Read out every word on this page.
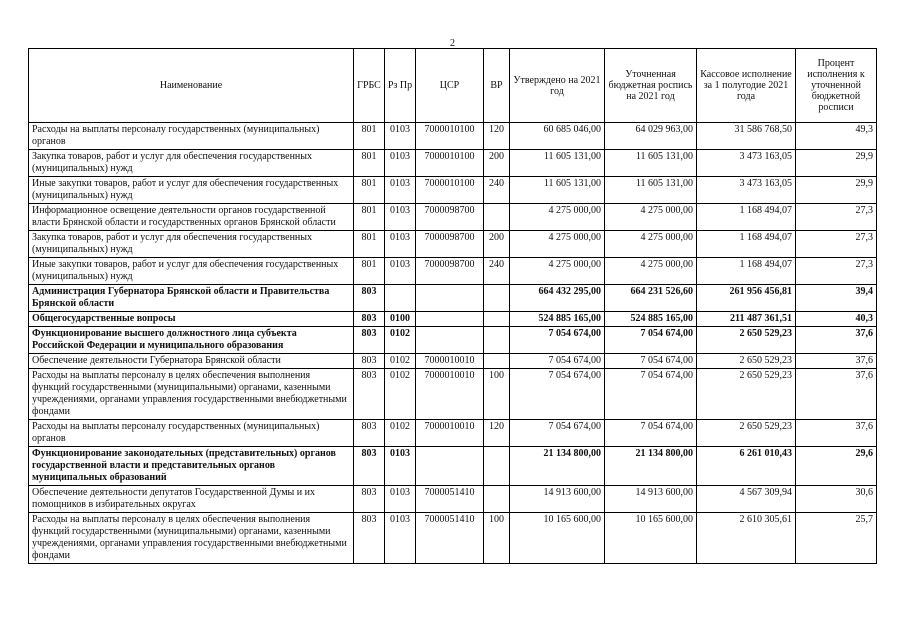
2
Наименование	ГРБС	Рз Пр	ЦСР	ВР	Утверждено на 2021 год	Уточненная бюджетная роспись на 2021 год	Кассовое исполнение за 1 полугодие 2021 года	Процент исполнения к уточненной бюджетной росписи
Расходы на выплаты персоналу государственных (муниципальных) органов	801	0103	7000010100	120	60 685 046,00	64 029 963,00	31 586 768,50	49,3
Закупка товаров, работ и услуг для обеспечения государственных (муниципальных) нужд	801	0103	7000010100	200	11 605 131,00	11 605 131,00	3 473 163,05	29,9
Иные закупки товаров, работ и услуг для обеспечения государственных (муниципальных) нужд	801	0103	7000010100	240	11 605 131,00	11 605 131,00	3 473 163,05	29,9
Информационное освещение деятельности органов государственной власти Брянской области и государственных органов Брянской области	801	0103	7000098700		4 275 000,00	4 275 000,00	1 168 494,07	27,3
Закупка товаров, работ и услуг для обеспечения государственных (муниципальных) нужд	801	0103	7000098700	200	4 275 000,00	4 275 000,00	1 168 494,07	27,3
Иные закупки товаров, работ и услуг для обеспечения государственных (муниципальных) нужд	801	0103	7000098700	240	4 275 000,00	4 275 000,00	1 168 494,07	27,3
Администрация Губернатора Брянской области и Правительства Брянской области	803				664 432 295,00	664 231 526,60	261 956 456,81	39,4
Общегосударственные вопросы	803	0100			524 885 165,00	524 885 165,00	211 487 361,51	40,3
Функционирование высшего должностного лица субъекта Российской Федерации и муниципального образования	803	0102			7 054 674,00	7 054 674,00	2 650 529,23	37,6
Обеспечение деятельности Губернатора Брянской области	803	0102	7000010010		7 054 674,00	7 054 674,00	2 650 529,23	37,6
Расходы на выплаты персоналу в целях обеспечения выполнения функций государственными (муниципальными) органами, казенными учреждениями, органами управления государственными внебюджетными фондами	803	0102	7000010010	100	7 054 674,00	7 054 674,00	2 650 529,23	37,6
Расходы на выплаты персоналу государственных (муниципальных) органов	803	0102	7000010010	120	7 054 674,00	7 054 674,00	2 650 529,23	37,6
Функционирование законодательных (представительных) органов государственной власти и представительных органов муниципальных образований	803	0103			21 134 800,00	21 134 800,00	6 261 010,43	29,6
Обеспечение деятельности депутатов Государственной Думы и их помощников в избирательных округах	803	0103	7000051410		14 913 600,00	14 913 600,00	4 567 309,94	30,6
Расходы на выплаты персоналу в целях обеспечения выполнения функций государственными (муниципальными) органами, казенными учреждениями, органами управления государственными внебюджетными фондами	803	0103	7000051410	100	10 165 600,00	10 165 600,00	2 610 305,61	25,7
